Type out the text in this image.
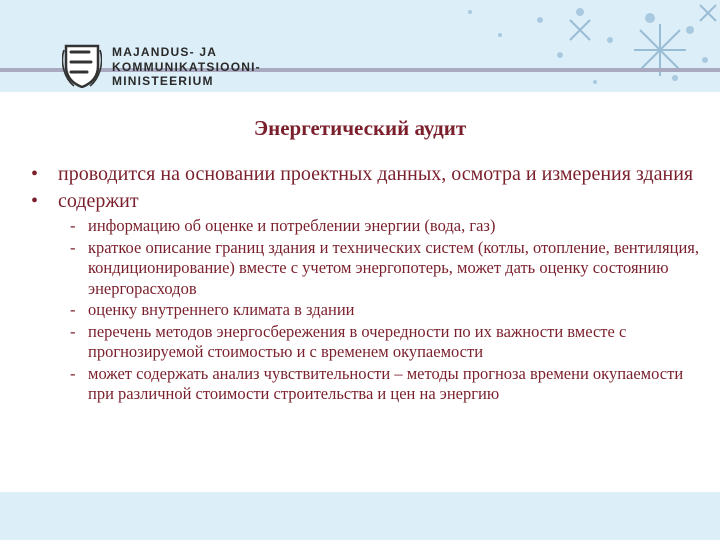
MAJANDUS- JA
KOMMUNIKATSIOONI-
MINISTEERIUM
Энергетический аудит
• проводится на основании проектных данных, осмотра и измерения здания
• содержит
- информацию об оценке и потреблении энергии (вода, газ)
- краткое описание границ здания и технических систем (котлы, отопление, вентиляция, кондиционирование) вместе с учетом энергопотерь, может дать оценку состоянию энергорасходов
- оценку внутреннего климата в здании
- перечень методов энергосбережения в очередности по их важности вместе с прогнозируемой стоимостью и с временем окупаемости
- может содержать анализ чувствительности – методы прогноза времени окупаемости при различной стоимости строительства и цен на энергию
